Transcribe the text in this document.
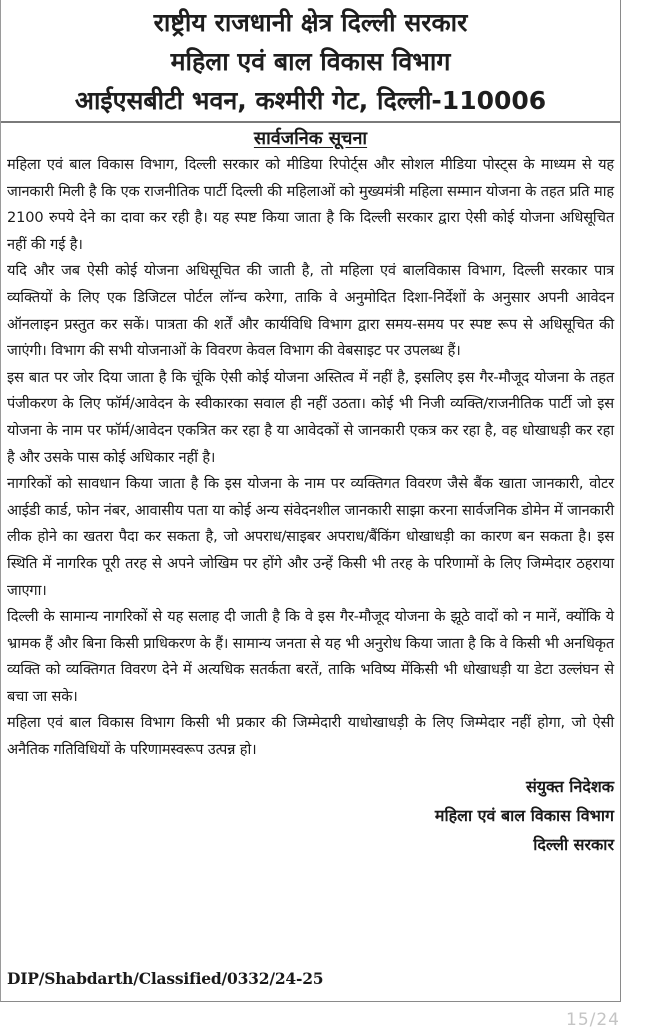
राष्ट्रीय राजधानी क्षेत्र दिल्ली सरकार
महिला एवं बाल विकास विभाग
आईएसबीटी भवन, कश्मीरी गेट, दिल्ली-110006
सार्वजनिक सूचना

महिला एवं बाल विकास विभाग, दिल्ली सरकार को मीडिया रिपोर्ट्स और सोशल मीडिया पोस्ट्स के माध्यम से यह जानकारी मिली है कि एक राजनीतिक पार्टी दिल्ली की महिलाओं को मुख्यमंत्री महिला सम्मान योजना के तहत प्रति माह 2100 रुपये देने का दावा कर रही है। यह स्पष्ट किया जाता है कि दिल्ली सरकार द्वारा ऐसी कोई योजना अधिसूचित नहीं की गई है।

यदि और जब ऐसी कोई योजना अधिसूचित की जाती है, तो महिला एवं बालविकास विभाग, दिल्ली सरकार पात्र व्यक्तियों के लिए एक डिजिटल पोर्टल लॉन्च करेगा, ताकि वे अनुमोदित दिशा-निर्देशों के अनुसार अपनी आवेदन ऑनलाइन प्रस्तुत कर सकें। पात्रता की शर्तें और कार्यविधि विभाग द्वारा समय-समय पर स्पष्ट रूप से अधिसूचित की जाएंगी। विभाग की सभी योजनाओं के विवरण केवल विभाग की वेबसाइट पर उपलब्ध हैं।

इस बात पर जोर दिया जाता है कि चूंकि ऐसी कोई योजना अस्तित्व में नहीं है, इसलिए इस गैर-मौजूद योजना के तहत पंजीकरण के लिए फॉर्म/आवेदन के स्वीकारका सवाल ही नहीं उठता। कोई भी निजी व्यक्ति/राजनीतिक पार्टी जो इस योजना के नाम पर फॉर्म/आवेदन एकत्रित कर रहा है या आवेदकों से जानकारी एकत्र कर रहा है, वह धोखाधड़ी कर रहा है और उसके पास कोई अधिकार नहीं है।

नागरिकों को सावधान किया जाता है कि इस योजना के नाम पर व्यक्तिगत विवरण जैसे बैंक खाता जानकारी, वोटर आईडी कार्ड, फोन नंबर, आवासीय पता या कोई अन्य संवेदनशील जानकारी साझा करना सार्वजनिक डोमेन में जानकारी लीक होने का खतरा पैदा कर सकता है, जो अपराध/साइबर अपराध/बैंकिंग धोखाधड़ी का कारण बन सकता है। इस स्थिति में नागरिक पूरी तरह से अपने जोखिम पर होंगे और उन्हें किसी भी तरह के परिणामों के लिए जिम्मेदार ठहराया जाएगा।

दिल्ली के सामान्य नागरिकों से यह सलाह दी जाती है कि वे इस गैर-मौजूद योजना के झूठे वादों को न मानें, क्योंकि ये भ्रामक हैं और बिना किसी प्राधिकरण के हैं। सामान्य जनता से यह भी अनुरोध किया जाता है कि वे किसी भी अनधिकृत व्यक्ति को व्यक्तिगत विवरण देने में अत्यधिक सतर्कता बरतें, ताकि भविष्य मेंकिसी भी धोखाधड़ी या डेटा उल्लंघन से बचा जा सके।

महिला एवं बाल विकास विभाग किसी भी प्रकार की जिम्मेदारी याधोखाधड़ी के लिए जिम्मेदार नहीं होगा, जो ऐसी अनैतिक गतिविधियों के परिणामस्वरूप उत्पन्न हो।

संयुक्त निदेशक
महिला एवं बाल विकास विभाग
दिल्ली सरकार
DIP/Shabdarth/Classified/0332/24-25
15/24
